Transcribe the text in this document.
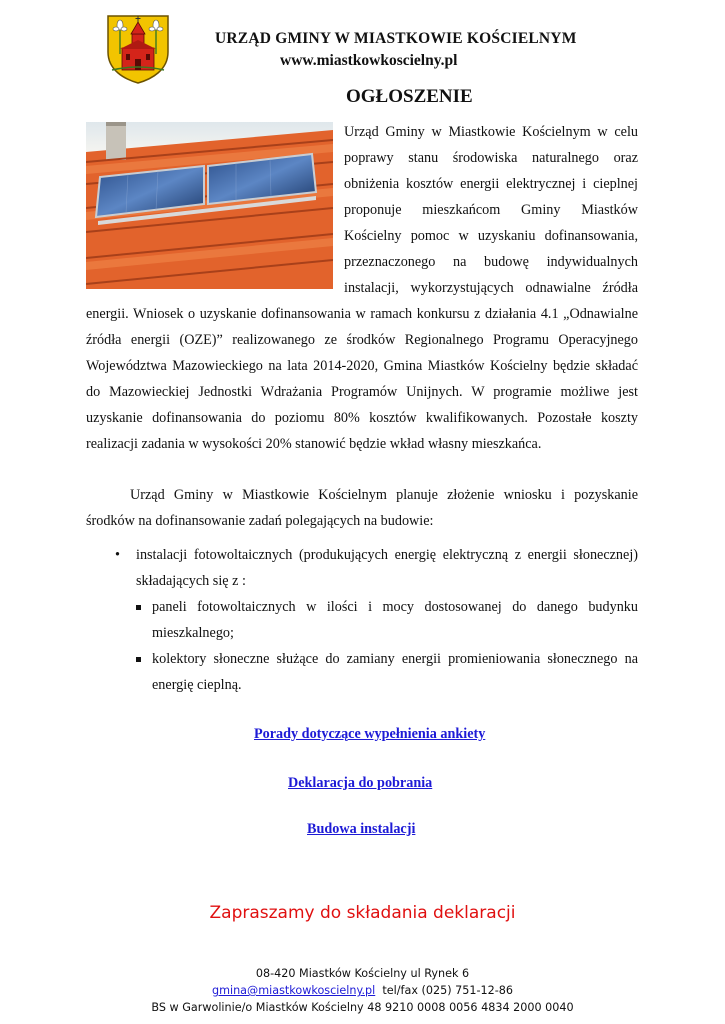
URZĄD GMINY W MIASTKOWIE KOŚCIELNYM
www.miastkowkoscielny.pl
OGŁOSZENIE
Urząd Gminy w Miastkowie Kościelnym w celu poprawy stanu środowiska naturalnego oraz obniżenia kosztów energii elektrycznej i cieplnej proponuje mieszkańcom Gminy Miastków Kościelny pomoc w uzyskaniu dofinansowania, przeznaczonego na budowę indywidualnych instalacji, wykorzystujących odnawialne źródła energii. Wniosek o uzyskanie dofinansowania w ramach konkursu z działania 4.1 „Odnawialne źródła energii (OZE)” realizowanego ze środków Regionalnego Programu Operacyjnego Województwa Mazowieckiego na lata 2014-2020, Gmina Miastków Kościelny będzie składać do Mazowieckiej Jednostki Wdrażania Programów Unijnych. W programie możliwe jest uzyskanie dofinansowania do poziomu 80% kosztów kwalifikowanych. Pozostałe koszty realizacji zadania w wysokości 20% stanowić będzie wkład własny mieszkańca.
Urząd Gminy w Miastkowie Kościelnym planuje złożenie wniosku i pozyskanie środków na dofinansowanie zadań polegających na budowie:
• instalacji fotowoltaicznych (produkujących energię elektryczną z energii słonecznej) składających się z :
paneli fotowoltaicznych w ilości i mocy dostosowanej do danego budynku mieszkalnego;
kolektory słoneczne służące do zamiany energii promieniowania słonecznego na energię cieplną.
Porady dotyczące wypełnienia ankiety
Deklaracja do pobrania
Budowa instalacji
Zapraszamy do składania deklaracji
08-420 Miastków Kościelny ul Rynek 6
gmina@miastkowkoscielny.pl tel/fax (025) 751-12-86
BS w Garwolinie/o Miastków Kościelny 48 9210 0008 0056 4834 2000 0040
